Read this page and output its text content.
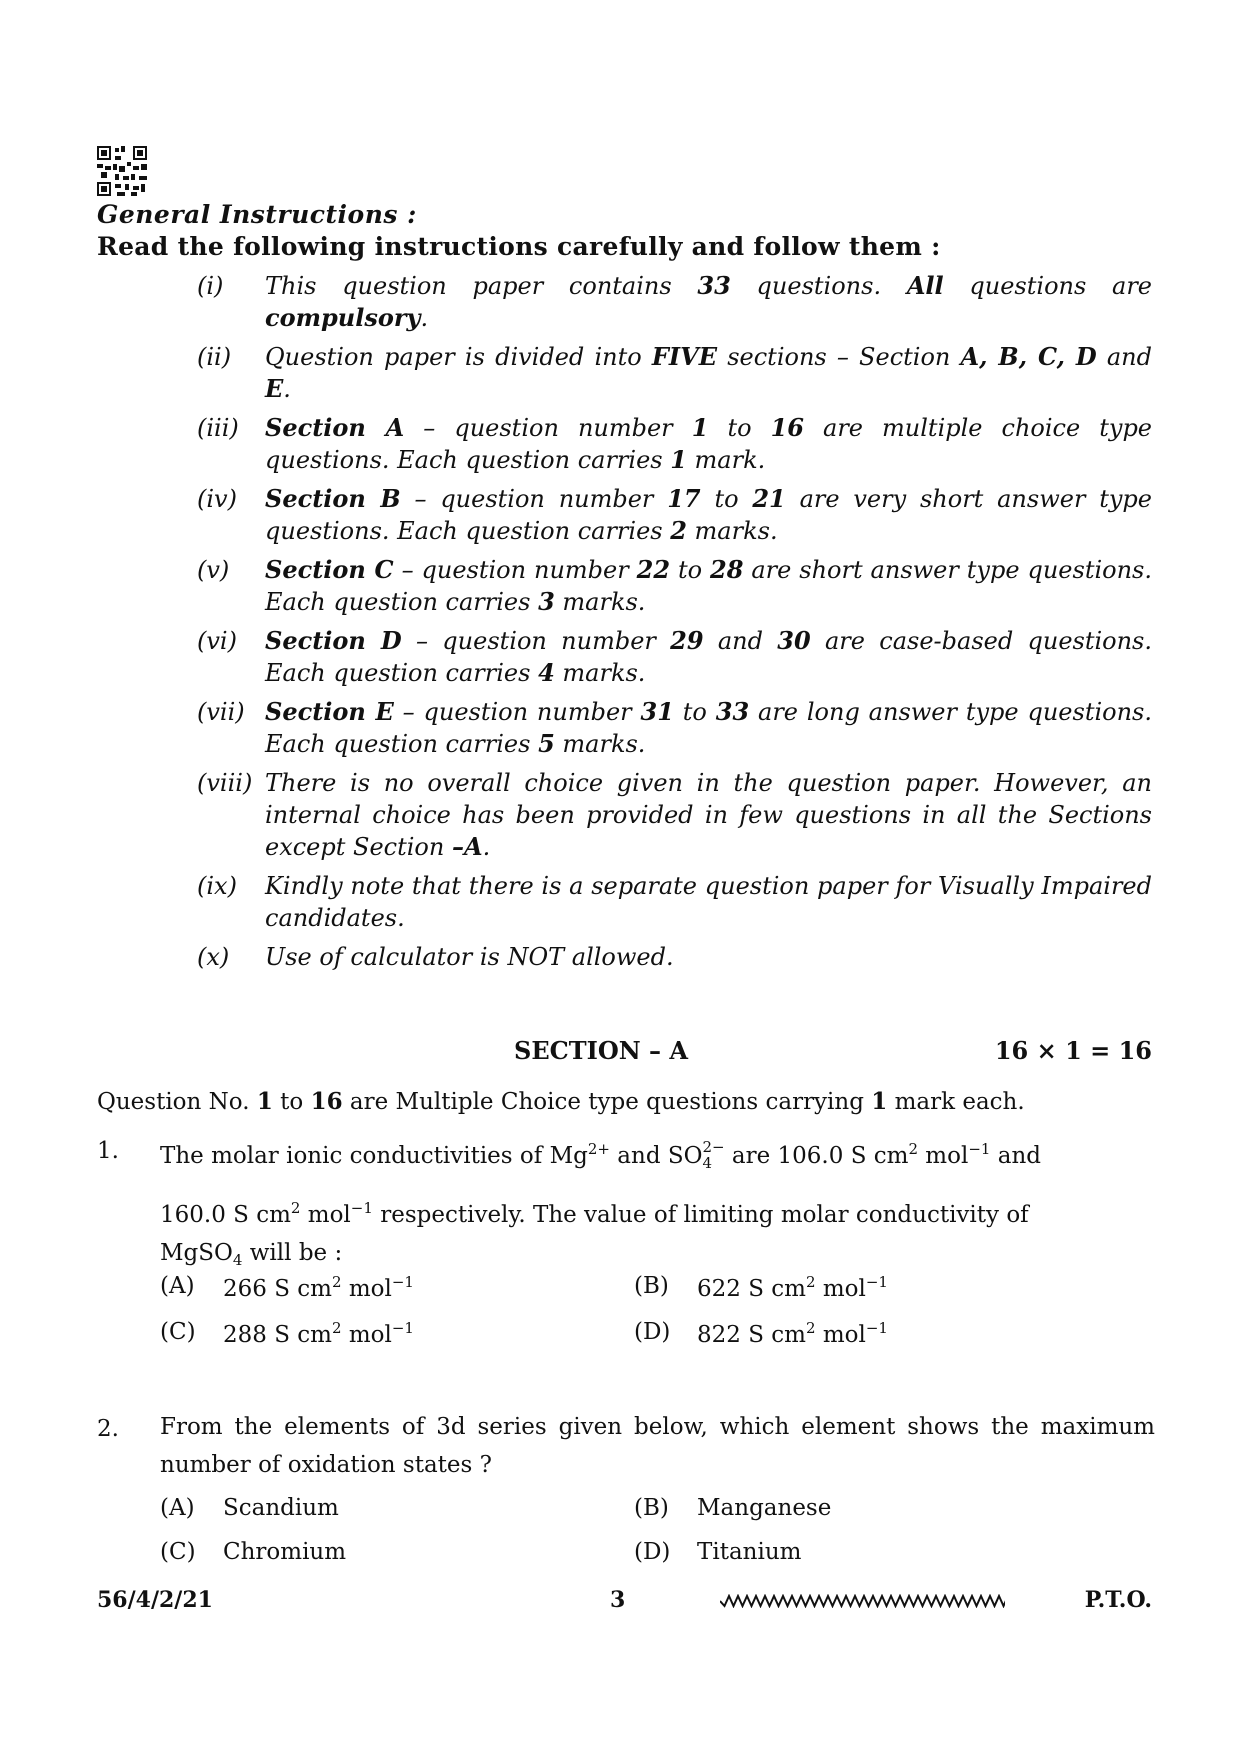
General Instructions :
Read the following instructions carefully and follow them :
(i)	This question paper contains 33 questions. All questions are compulsory.
(ii)	Question paper is divided into FIVE sections – Section A, B, C, D and E.
(iii)	Section A – question number 1 to 16 are multiple choice type questions. Each question carries 1 mark.
(iv)	Section B – question number 17 to 21 are very short answer type questions. Each question carries 2 marks.
(v)	Section C – question number 22 to 28 are short answer type questions. Each question carries 3 marks.
(vi)	Section D – question number 29 and 30 are case-based questions. Each question carries 4 marks.
(vii) Section E – question number 31 to 33 are long answer type questions. Each question carries 5 marks.
(viii) There is no overall choice given in the question paper. However, an internal choice has been provided in few questions in all the Sections except Section –A.
(ix)	Kindly note that there is a separate question paper for Visually Impaired candidates.
(x)	Use of calculator is NOT allowed.
SECTION – A	16 × 1 = 16
Question No. 1 to 16 are Multiple Choice type questions carrying 1 mark each.
1. The molar ionic conductivities of $Mg^{2+}$ and $SO^{2-}$
4 are 106.0 S $cm^2$ mol$^{-1}$ and
160.0 S $cm^2$ mol$^{-1}$ respectively. The value of limiting molar conductivity of
MgSO$_4$ will be :
(A)	266 S $cm^2$ mol$^{-1}$	(B)	622 S $cm^2$ mol$^{-1}$
(C)	288 S $cm^2$ mol$^{-1}$	(D)	822 S $cm^2$ mol$^{-1}$
2. From the elements of 3d series given below, which element shows the maximum number of oxidation states ?
(A)	Scandium	(B)	Manganese
(C)	Chromium	(D)	Titanium
56/4/2/21	3	P.T.O.
